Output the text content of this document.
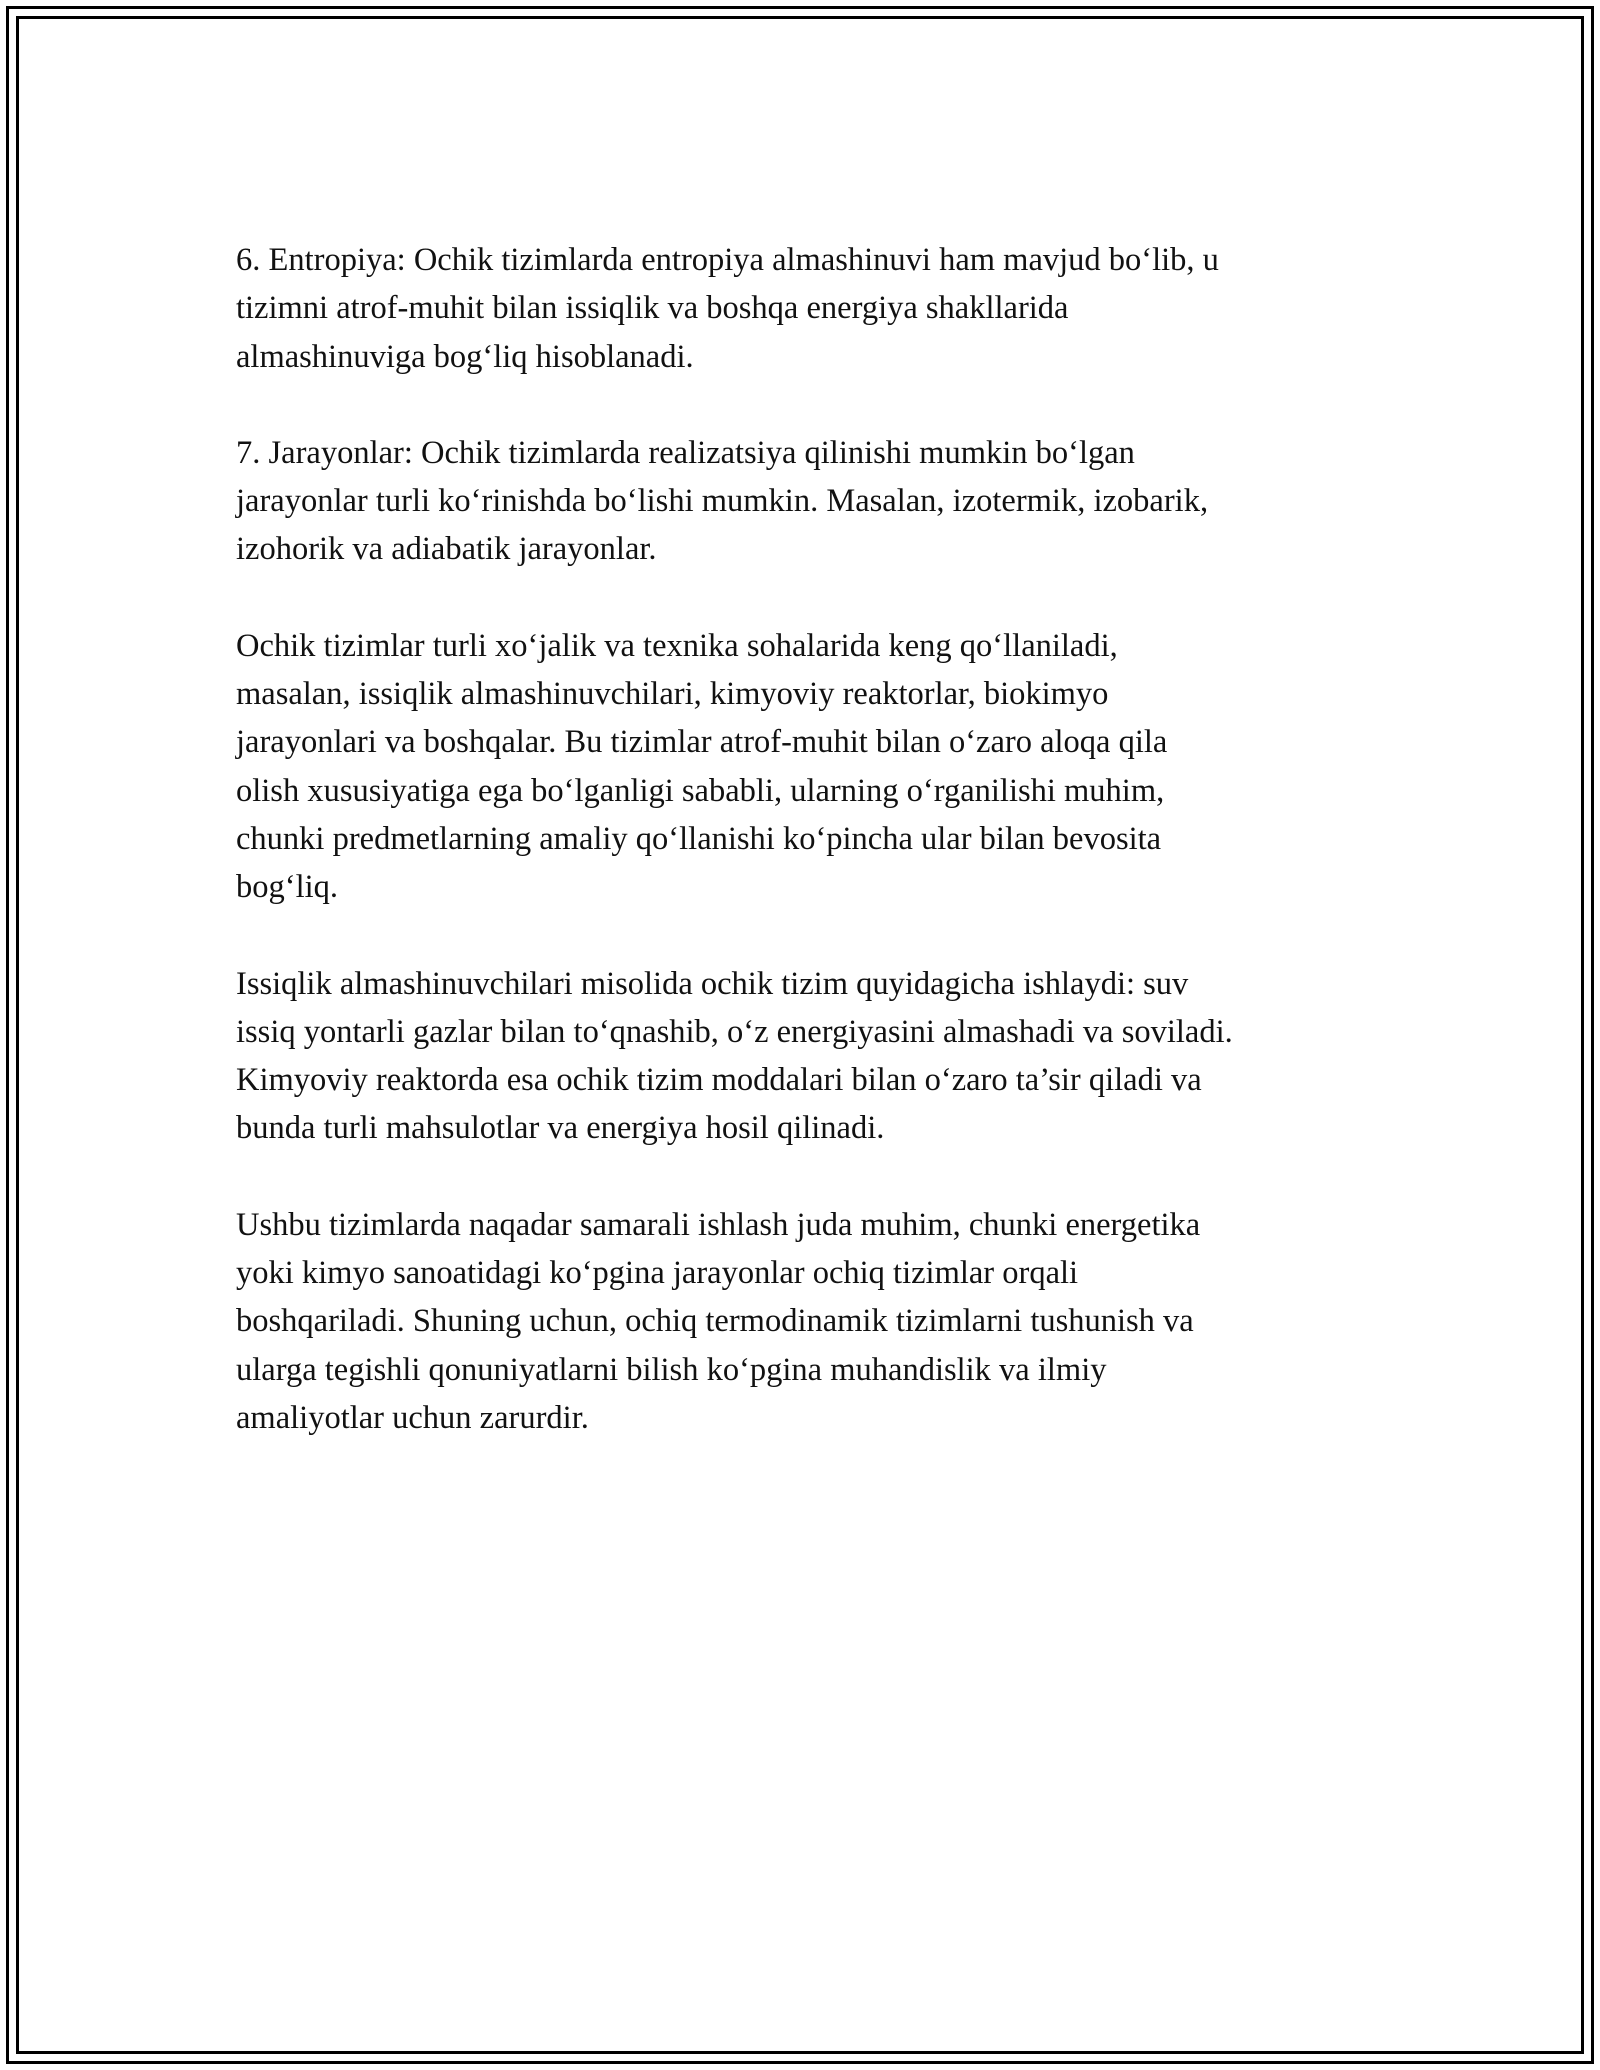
6. Entropiya: Ochik tizimlarda entropiya almashinuvi ham mavjud bo‘lib, u
tizimni atrof-muhit bilan issiqlik va boshqa energiya shakllarida
almashinuviga bog‘liq hisoblanadi.

7. Jarayonlar: Ochik tizimlarda realizatsiya qilinishi mumkin bo‘lgan
jarayonlar turli ko‘rinishda bo‘lishi mumkin. Masalan, izotermik, izobarik,
izohorik va adiabatik jarayonlar.

Ochik tizimlar turli xo‘jalik va texnika sohalarida keng qo‘llaniladi,
masalan, issiqlik almashinuvchilari, kimyoviy reaktorlar, biokimyo
jarayonlari va boshqalar. Bu tizimlar atrof-muhit bilan o‘zaro aloqa qila
olish xususiyatiga ega bo‘lganligi sababli, ularning o‘rganilishi muhim,
chunki predmetlarning amaliy qo‘llanishi ko‘pincha ular bilan bevosita
bog‘liq.

Issiqlik almashinuvchilari misolida ochik tizim quyidagicha ishlaydi: suv
issiq yontarli gazlar bilan to‘qnashib, o‘z energiyasini almashadi va soviladi.
Kimyoviy reaktorda esa ochik tizim moddalari bilan o‘zaro ta’sir qiladi va
bunda turli mahsulotlar va energiya hosil qilinadi.

Ushbu tizimlarda naqadar samarali ishlash juda muhim, chunki energetika
yoki kimyo sanoatidagi ko‘pgina jarayonlar ochiq tizimlar orqali
boshqariladi. Shuning uchun, ochiq termodinamik tizimlarni tushunish va
ularga tegishli qonuniyatlarni bilish ko‘pgina muhandislik va ilmiy
amaliyotlar uchun zarurdir.
